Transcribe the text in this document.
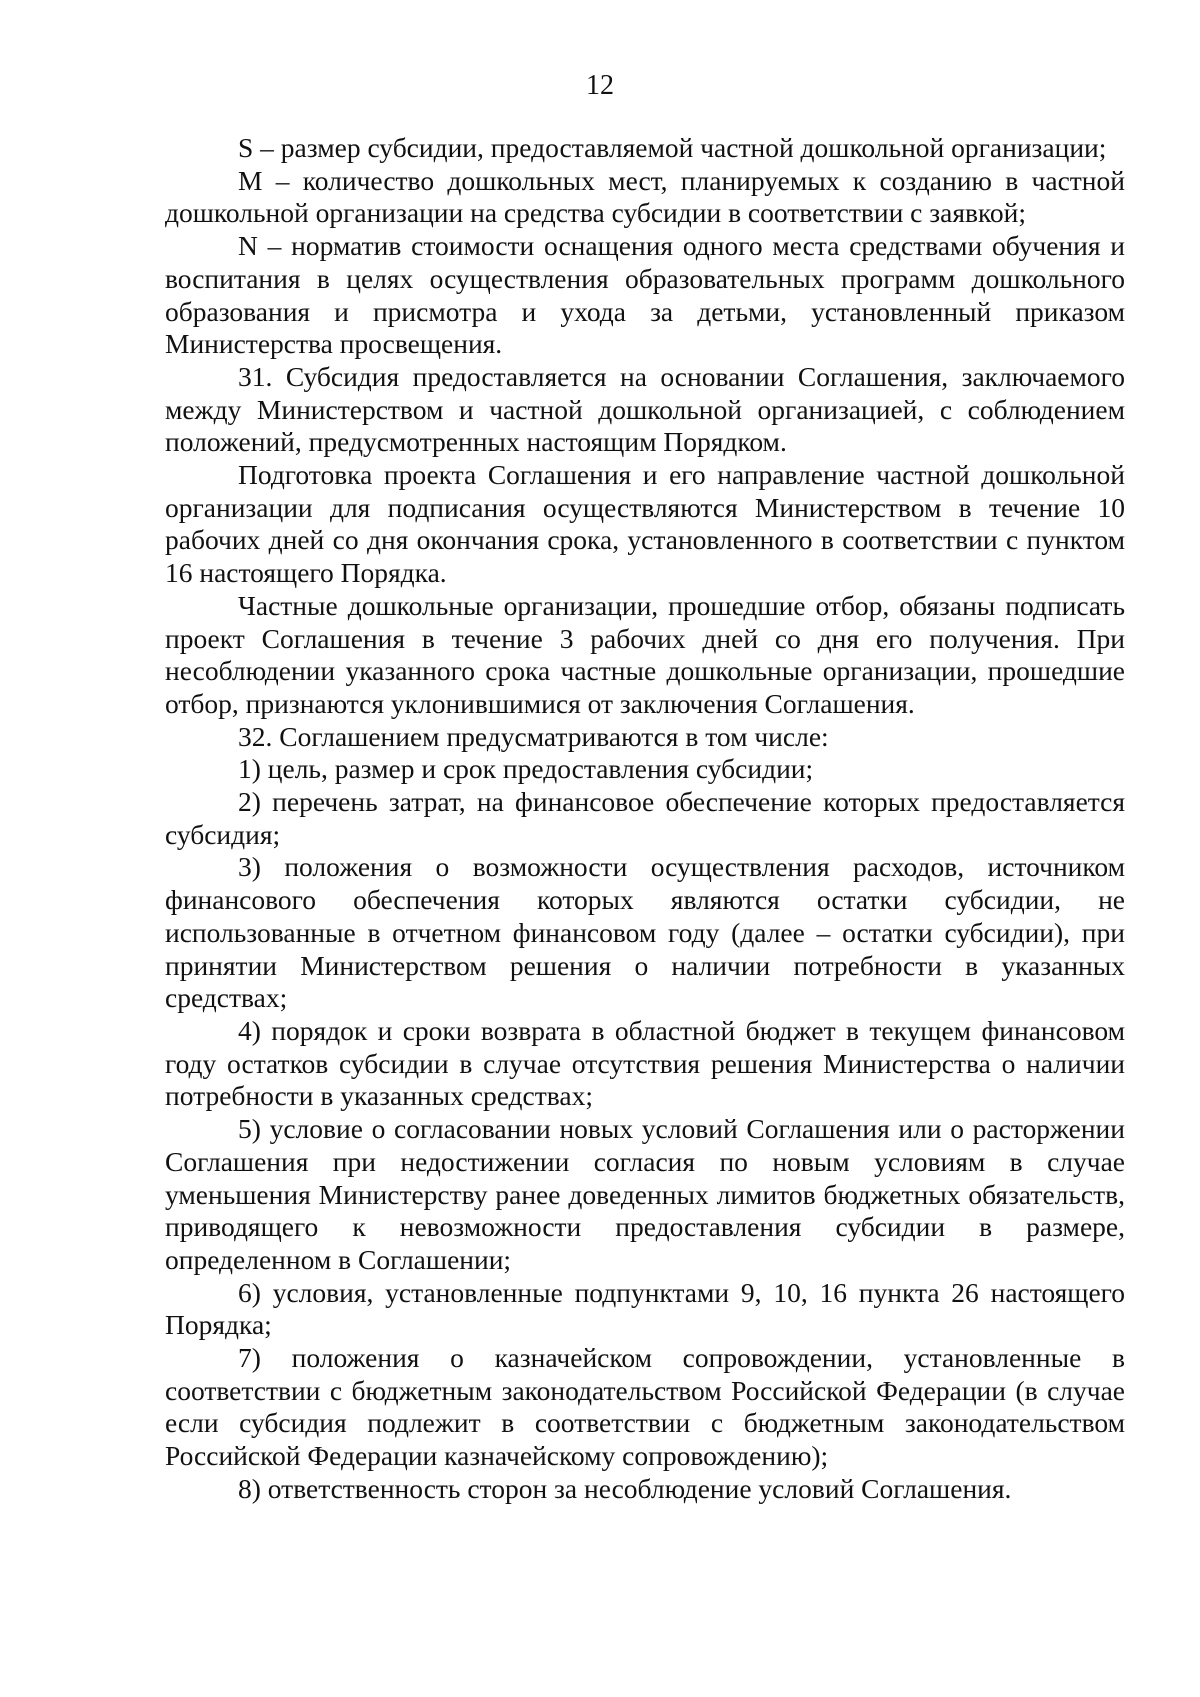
12

S – размер субсидии, предоставляемой частной дошкольной организации;

M – количество дошкольных мест, планируемых к созданию в частной дошкольной организации на средства субсидии в соответствии с заявкой;

N – норматив стоимости оснащения одного места средствами обучения и воспитания в целях осуществления образовательных программ дошкольного образования и присмотра и ухода за детьми, установленный приказом Министерства просвещения.

31. Субсидия предоставляется на основании Соглашения, заключаемого между Министерством и частной дошкольной организацией, с соблюдением положений, предусмотренных настоящим Порядком.

Подготовка проекта Соглашения и его направление частной дошкольной организации для подписания осуществляются Министерством в течение 10 рабочих дней со дня окончания срока, установленного в соответствии с пунктом 16 настоящего Порядка.

Частные дошкольные организации, прошедшие отбор, обязаны подписать проект Соглашения в течение 3 рабочих дней со дня его получения. При несоблюдении указанного срока частные дошкольные организации, прошедшие отбор, признаются уклонившимися от заключения Соглашения.

32. Соглашением предусматриваются в том числе:

1) цель, размер и срок предоставления субсидии;

2) перечень затрат, на финансовое обеспечение которых предоставляется субсидия;

3) положения о возможности осуществления расходов, источником финансового обеспечения которых являются остатки субсидии, не использованные в отчетном финансовом году (далее – остатки субсидии), при принятии Министерством решения о наличии потребности в указанных средствах;

4) порядок и сроки возврата в областной бюджет в текущем финансовом году остатков субсидии в случае отсутствия решения Министерства о наличии потребности в указанных средствах;

5) условие о согласовании новых условий Соглашения или о расторжении Соглашения при недостижении согласия по новым условиям в случае уменьшения Министерству ранее доведенных лимитов бюджетных обязательств, приводящего к невозможности предоставления субсидии в размере, определенном в Соглашении;

6) условия, установленные подпунктами 9, 10, 16 пункта 26 настоящего Порядка;

7) положения о казначейском сопровождении, установленные в соответствии с бюджетным законодательством Российской Федерации (в случае если субсидия подлежит в соответствии с бюджетным законодательством Российской Федерации казначейскому сопровождению);

8) ответственность сторон за несоблюдение условий Соглашения.
